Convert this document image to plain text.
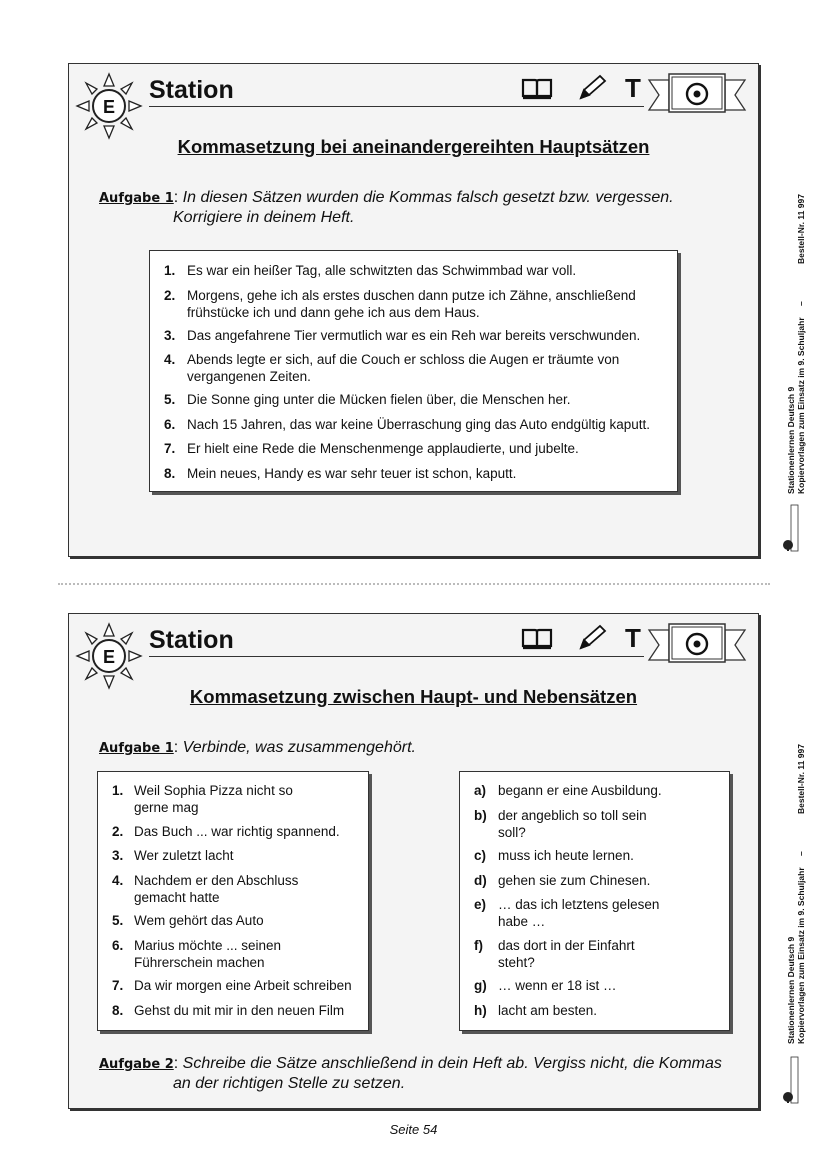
E
Station	T
Kommasetzung bei aneinandergereihten Hauptsätzen
Aufgabe 1: In diesen Sätzen wurden die Kommas falsch gesetzt bzw. vergessen.
Korrigiere in deinem Heft.
1. Es war ein heißer Tag, alle schwitzten das Schwimmbad war voll.
2. Morgens, gehe ich als erstes duschen dann putze ich Zähne, anschließend
frühstücke ich und dann gehe ich aus dem Haus.
3. Das angefahrene Tier vermutlich war es ein Reh war bereits verschwunden.
4. Abends legte er sich, auf die Couch er schloss die Augen er träumte von
vergangenen Zeiten.
5. Die Sonne ging unter die Mücken fielen über, die Menschen her.
6. Nach 15 Jahren, das war keine Überraschung ging das Auto endgültig kaputt.
7. Er hielt eine Rede die Menschenmenge applaudierte, und jubelte.
8. Mein neues, Handy es war sehr teuer ist schon, kaputt.
E
Station	T
Kommasetzung zwischen Haupt- und Nebensätzen
Aufgabe 1: Verbinde, was zusammengehört.
1. Weil Sophia Pizza nicht so
gerne mag
2. Das Buch ... war richtig spannend.
3. Wer zuletzt lacht
4. Nachdem er den Abschluss
gemacht hatte
5. Wem gehört das Auto
6. Marius möchte ... seinen
Führerschein machen
7. Da wir morgen eine Arbeit schreiben
8. Gehst du mit mir in den neuen Film
a) begann er eine Ausbildung.
b) der angeblich so toll sein
soll?
c) muss ich heute lernen.
d) gehen sie zum Chinesen.
e) … das ich letztens gelesen
habe …
f) das dort in der Einfahrt
steht?
g) … wenn er 18 ist …
h) lacht am besten.
Aufgabe 2: Schreibe die Sätze anschließend in dein Heft ab. Vergiss nicht, die Kommas
an der richtigen Stelle zu setzen.
Stationenlernen Deutsch 9 Kopiervorlagen zum Einsatz im 9. Schuljahr
–
Bestell-Nr. 11 997
Stationenlernen Deutsch 9 Kopiervorlagen zum Einsatz im 9. Schuljahr
–
Bestell-Nr. 11 997
Seite 54
